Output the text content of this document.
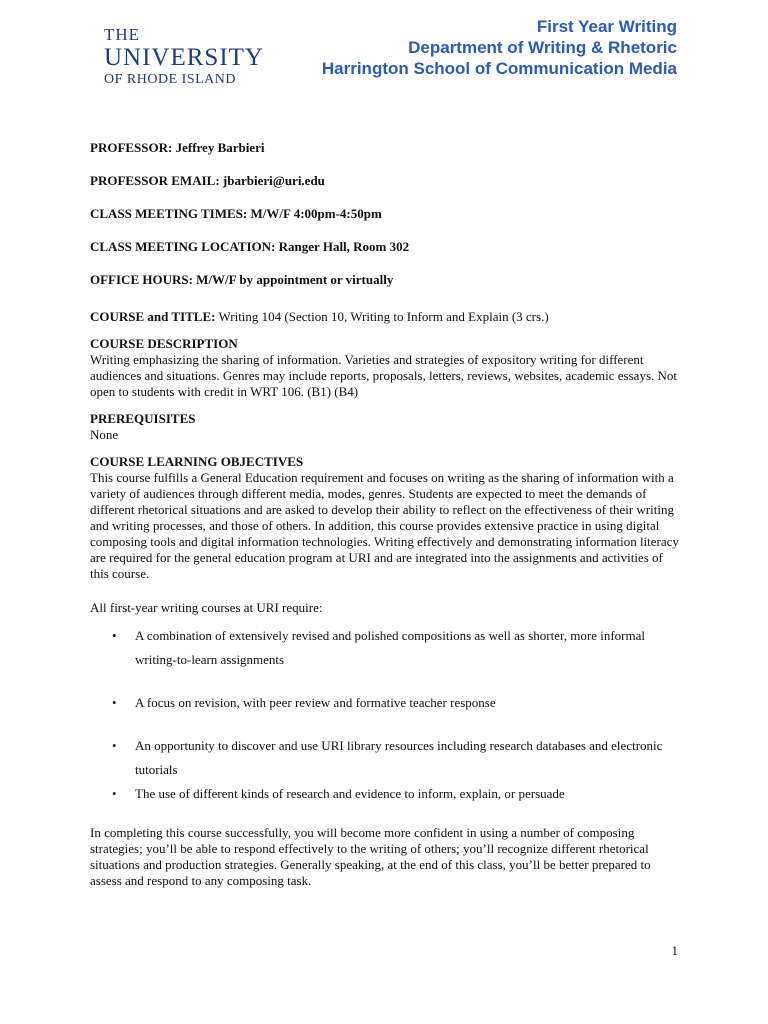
THE
UNIVERSITY
OF RHODE ISLAND
First Year Writing
Department of Writing & Rhetoric
Harrington School of Communication Media
PROFESSOR: Jeffrey Barbieri
PROFESSOR EMAIL: jbarbieri@uri.edu
CLASS MEETING TIMES: M/W/F 4:00pm-4:50pm
CLASS MEETING LOCATION: Ranger Hall, Room 302
OFFICE HOURS: M/W/F by appointment or virtually
COURSE and TITLE: Writing 104 (Section 10, Writing to Inform and Explain (3 crs.)
COURSE DESCRIPTION

Writing emphasizing the sharing of information. Varieties and strategies of expository writing for different audiences and situations. Genres may include reports, proposals, letters, reviews, websites, academic essays. Not open to students with credit in WRT 106. (B1) (B4)

PREREQUISITES

None

COURSE LEARNING OBJECTIVES

This course fulfills a General Education requirement and focuses on writing as the sharing of information with a variety of audiences through different media, modes, genres. Students are expected to meet the demands of different rhetorical situations and are asked to develop their ability to reflect on the effectiveness of their writing and writing processes, and those of others. In addition, this course provides extensive practice in using digital composing tools and digital information technologies. Writing effectively and demonstrating information literacy are required for the general education program at URI and are integrated into the assignments and activities of this course.

All first-year writing courses at URI require:

• A combination of extensively revised and polished compositions as well as shorter, more informal writing-to-learn assignments
• A focus on revision, with peer review and formative teacher response
• An opportunity to discover and use URI library resources including research databases and electronic tutorials
• The use of different kinds of research and evidence to inform, explain, or persuade

In completing this course successfully, you will become more confident in using a number of composing strategies; you’ll be able to respond effectively to the writing of others; you’ll recognize different rhetorical situations and production strategies. Generally speaking, at the end of this class, you’ll be better prepared to assess and respond to any composing task.

1
